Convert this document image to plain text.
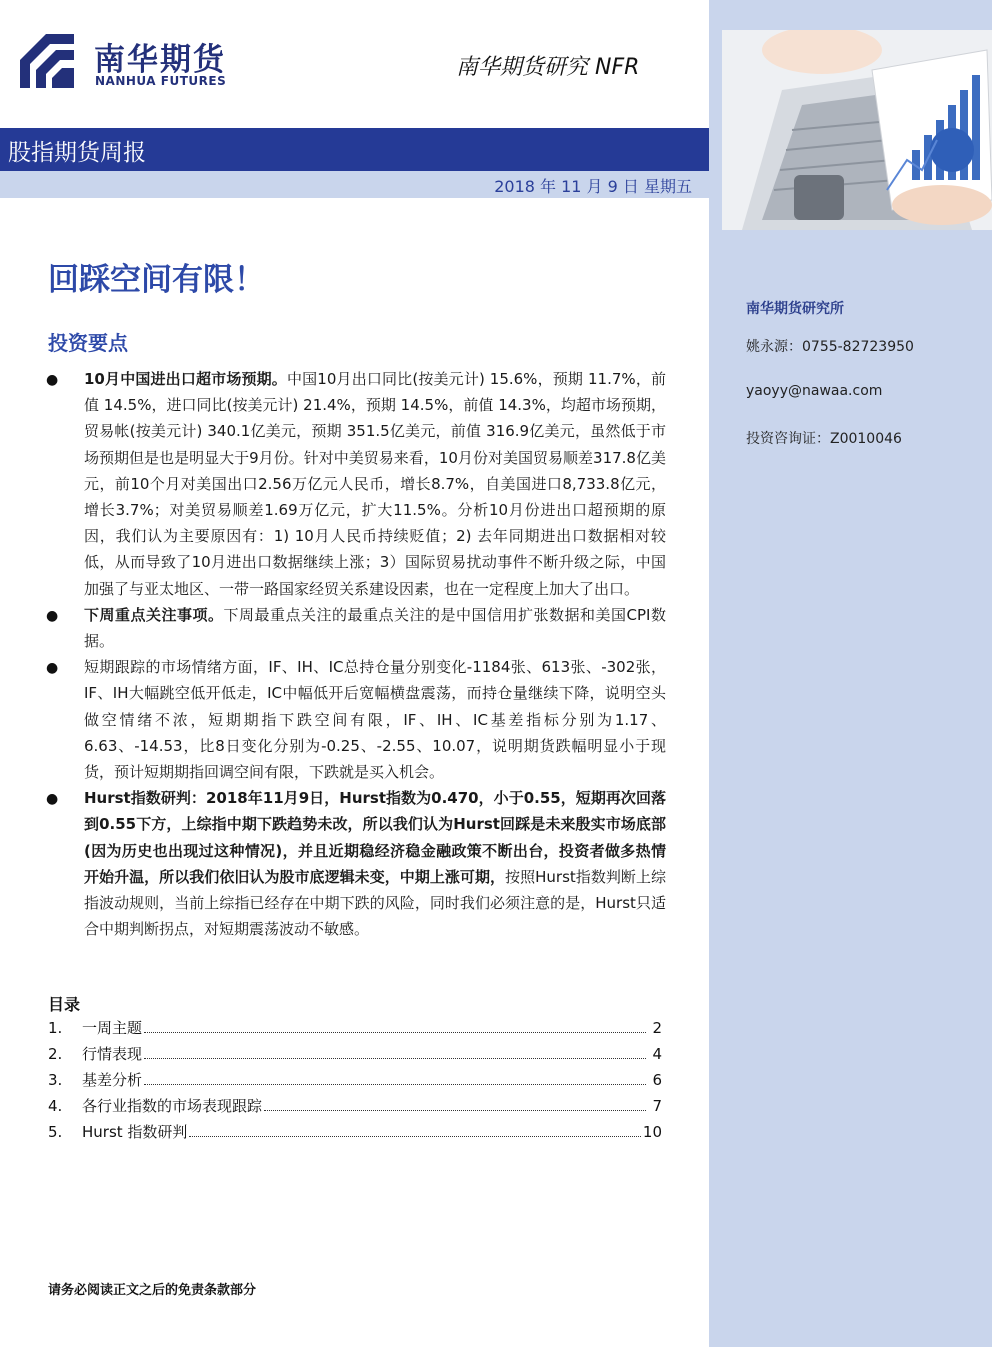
南华期货
NANHUA FUTURES
南华期货研究 NFR
股指期货周报
2018 年 11 月 9 日 星期五
南华期货研究所
姚永源：0755-82723950
yaoyy@nawaa.com
投资咨询证：Z0010046
回踩空间有限！
投资要点
● 10月中国进出口超市场预期。中国10月出口同比(按美元计) 15.6%，预期 11.7%，前值 14.5%，进口同比(按美元计) 21.4%，预期 14.5%，前值 14.3%，均超市场预期，贸易帐(按美元计) 340.1亿美元，预期 351.5亿美元，前值 316.9亿美元，虽然低于市场预期但是也是明显大于9月份。针对中美贸易来看，10月份对美国贸易顺差317.8亿美元，前10个月对美国出口2.56万亿元人民币，增长8.7%，自美国进口8,733.8亿元，增长3.7%；对美贸易顺差1.69万亿元，扩大11.5%。分析10月份进出口超预期的原因，我们认为主要原因有：1) 10月人民币持续贬值；2) 去年同期进出口数据相对较低，从而导致了10月进出口数据继续上涨；3）国际贸易扰动事件不断升级之际，中国加强了与亚太地区、一带一路国家经贸关系建设因素，也在一定程度上加大了出口。
● 下周重点关注事项。下周最重点关注的最重点关注的是中国信用扩张数据和美国CPI数据。
● 短期跟踪的市场情绪方面，IF、IH、IC总持仓量分别变化-1184张、613张、-302张，IF、IH大幅跳空低开低走，IC中幅低开后宽幅横盘震荡，而持仓量继续下降，说明空头做空情绪不浓，短期期指下跌空间有限，IF、IH、IC基差指标分别为1.17、6.63、-14.53，比8日变化分别为-0.25、-2.55、10.07，说明期货跌幅明显小于现货，预计短期期指回调空间有限，下跌就是买入机会。
● Hurst指数研判：2018年11月9日，Hurst指数为0.470，小于0.55，短期再次回落到0.55下方，上综指中期下跌趋势未改，所以我们认为Hurst回踩是未来殷实市场底部(因为历史也出现过这种情况)，并且近期稳经济稳金融政策不断出台，投资者做多热情开始升温，所以我们依旧认为股市底逻辑未变，中期上涨可期，按照Hurst指数判断上综指波动规则，当前上综指已经存在中期下跌的风险，同时我们必须注意的是，Hurst只适合中期判断拐点，对短期震荡波动不敏感。
目录
1.	一周主题	2
2.	行情表现	4
3.	基差分析	6
4.	各行业指数的市场表现跟踪	7
5.	Hurst 指数研判	10
请务必阅读正文之后的免责条款部分
